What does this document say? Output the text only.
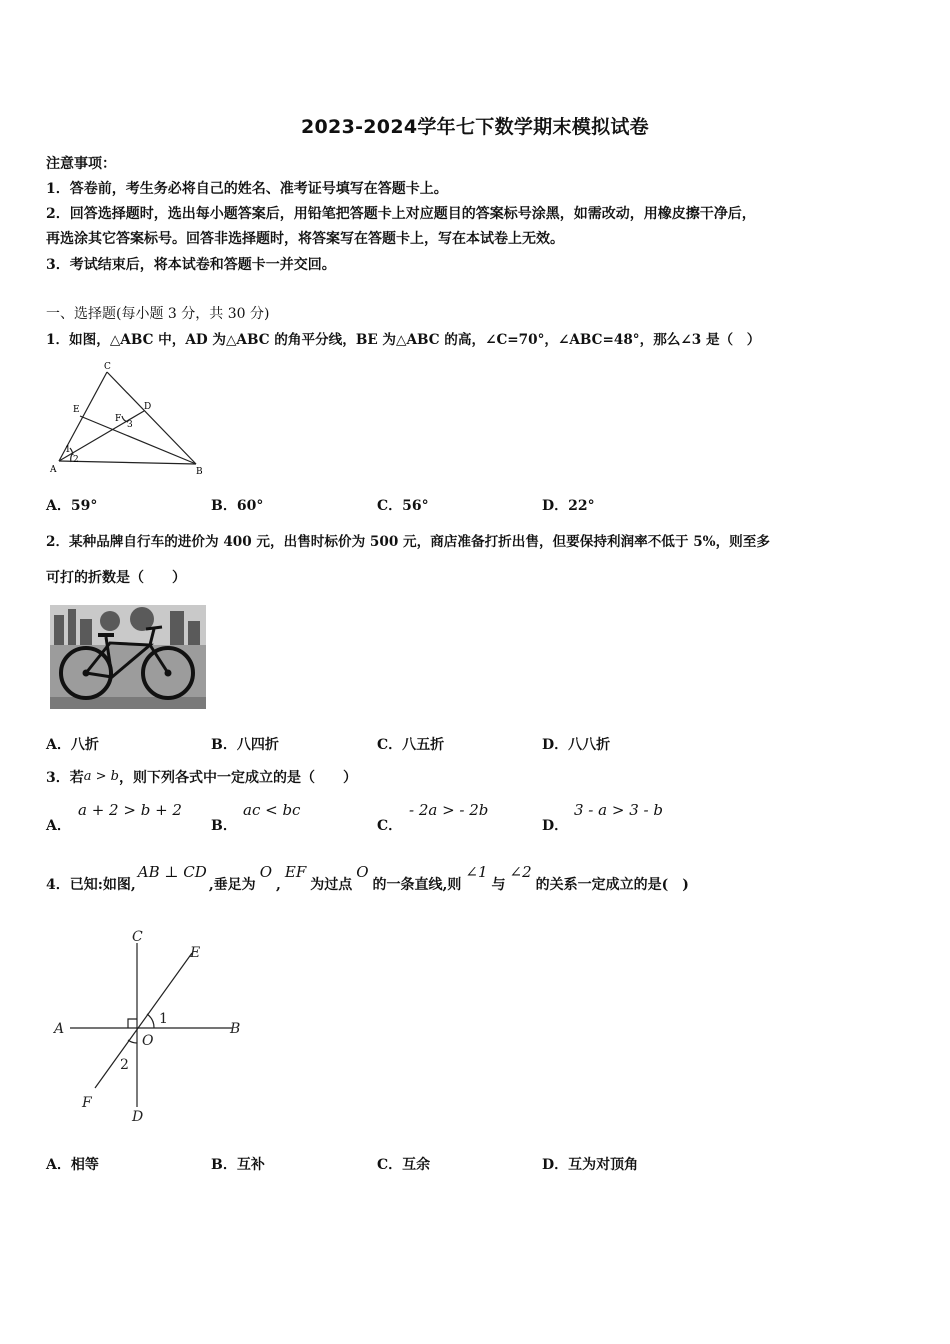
2023-2024学年七下数学期末模拟试卷
注意事项：
1．答卷前，考生务必将自己的姓名、准考证号填写在答题卡上。
2．回答选择题时，选出每小题答案后，用铅笔把答题卡上对应题目的答案标号涂黑，如需改动，用橡皮擦干净后，
再选涂其它答案标号。回答非选择题时，将答案写在答题卡上，写在本试卷上无效。
3．考试结束后，将本试卷和答题卡一并交回。
一、选择题(每小题 3 分，共 30 分)
1．如图，△ABC 中，AD 为△ABC 的角平分线，BE 为△ABC 的高，∠C=70°，∠ABC=48°，那么∠3 是（　）
A	B
C
D
E
F
1
2
3
A．59°	B．60°	C．56°	D．22°
2．某种品牌自行车的进价为 400 元，出售时标价为 500 元，商店准备打折出售，但要保持利润率不低于 5%，则至多
可打的折数是（　　）
A．八折	B．八四折	C．八五折	D．八八折
3．若a > b，则下列各式中一定成立的是（　　）
A．
a + 2 > b + 2
B．
ac < bc
C．
- 2a > - 2b
D．
3 - a > 3 - b
4．已知:如图,AB ⊥ CD,垂足为O,EF为过点O的一条直线,则∠1与∠2的关系一定成立的是(　)
A	B
C
D
E
F
O
1
2
A．相等	B．互补	C．互余	D．互为对顶角
